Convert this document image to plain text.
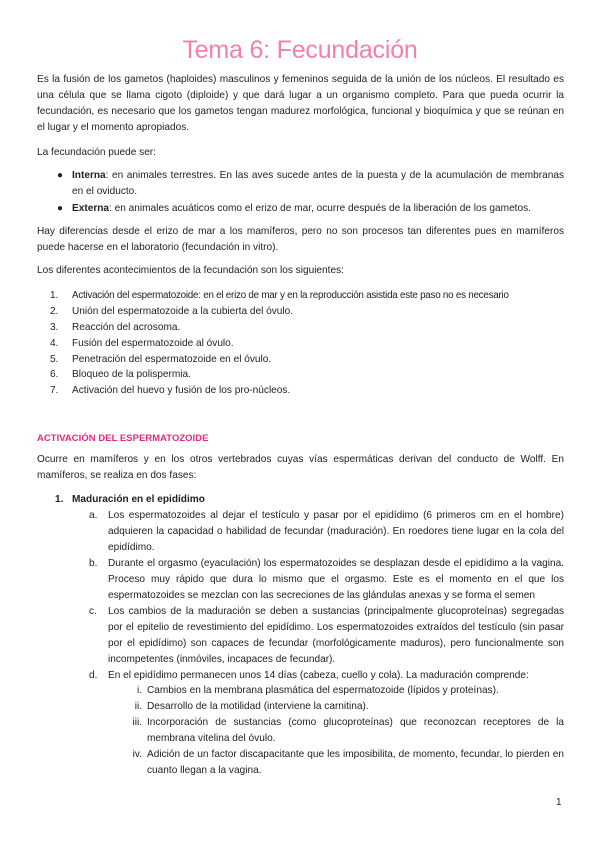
Tema 6: Fecundación

Es la fusión de los gametos (haploides) masculinos y femeninos seguida de la unión de los núcleos. El resultado es una célula que se llama cigoto (diploide) y que dará lugar a un organismo completo. Para que pueda ocurrir la fecundación, es necesario que los gametos tengan madurez morfológica, funcional y bioquímica y que se reúnan en el lugar y el momento apropiados.

La fecundación puede ser:

● Interna: en animales terrestres. En las aves sucede antes de la puesta y de la acumulación de membranas en el oviducto.

● Externa: en animales acuáticos como el erizo de mar, ocurre después de la liberación de los gametos.

Hay diferencias desde el erizo de mar a los mamíferos, pero no son procesos tan diferentes pues en mamíferos puede hacerse en el laboratorio (fecundación in vitro).

Los diferentes acontecimientos de la fecundación son los siguientes:

1. Activación del espermatozoide: en el erizo de mar y en la reproducción asistida este paso no es necesario
2. Unión del espermatozoide a la cubierta del óvulo.
3. Reacción del acrosoma.
4. Fusión del espermatozoide al óvulo.
5. Penetración del espermatozoide en el óvulo.
6. Bloqueo de la polispermia.
7. Activación del huevo y fusión de los pro-núcleos.
ACTIVACIÓN DEL ESPERMATOZOIDE

Ocurre en mamíferos y en los otros vertebrados cuyas vías espermáticas derivan del conducto de Wolff. En mamíferos, se realiza en dos fases:

1. Maduración en el epidídimo
a. Los espermatozoides al dejar el testículo y pasar por el epidídimo (6 primeros cm en el hombre) adquieren la capacidad o habilidad de fecundar (maduración). En roedores tiene lugar en la cola del epidídimo.

b. Durante el orgasmo (eyaculación) los espermatozoides se desplazan desde el epidídimo a la vagina. Proceso muy rápido que dura lo mismo que el orgasmo. Este es el momento en el que los espermatozoides se mezclan con las secreciones de las glándulas anexas y se forma el semen

c. Los cambios de la maduración se deben a sustancias (principalmente glucoproteínas) segregadas por el epitelio de revestimiento del epidídimo. Los espermatozoides extraídos del testículo (sin pasar por el epidídimo) son capaces de fecundar (morfológicamente maduros), pero funcionalmente son incompetentes (inmóviles, incapaces de fecundar).

d. En el epidídimo permanecen unos 14 días (cabeza, cuello y cola). La maduración comprende:

i. Cambios en la membrana plasmática del espermatozoide (lípidos y proteínas).

ii. Desarrollo de la motilidad (interviene la carnitina).

iii. Incorporación de sustancias (como glucoproteínas) que reconozcan receptores de la membrana vitelina del óvulo.

iv. Adición de un factor discapacitante que les imposibilita, de momento, fecundar, lo pierden en cuanto llegan a la vagina.

1
